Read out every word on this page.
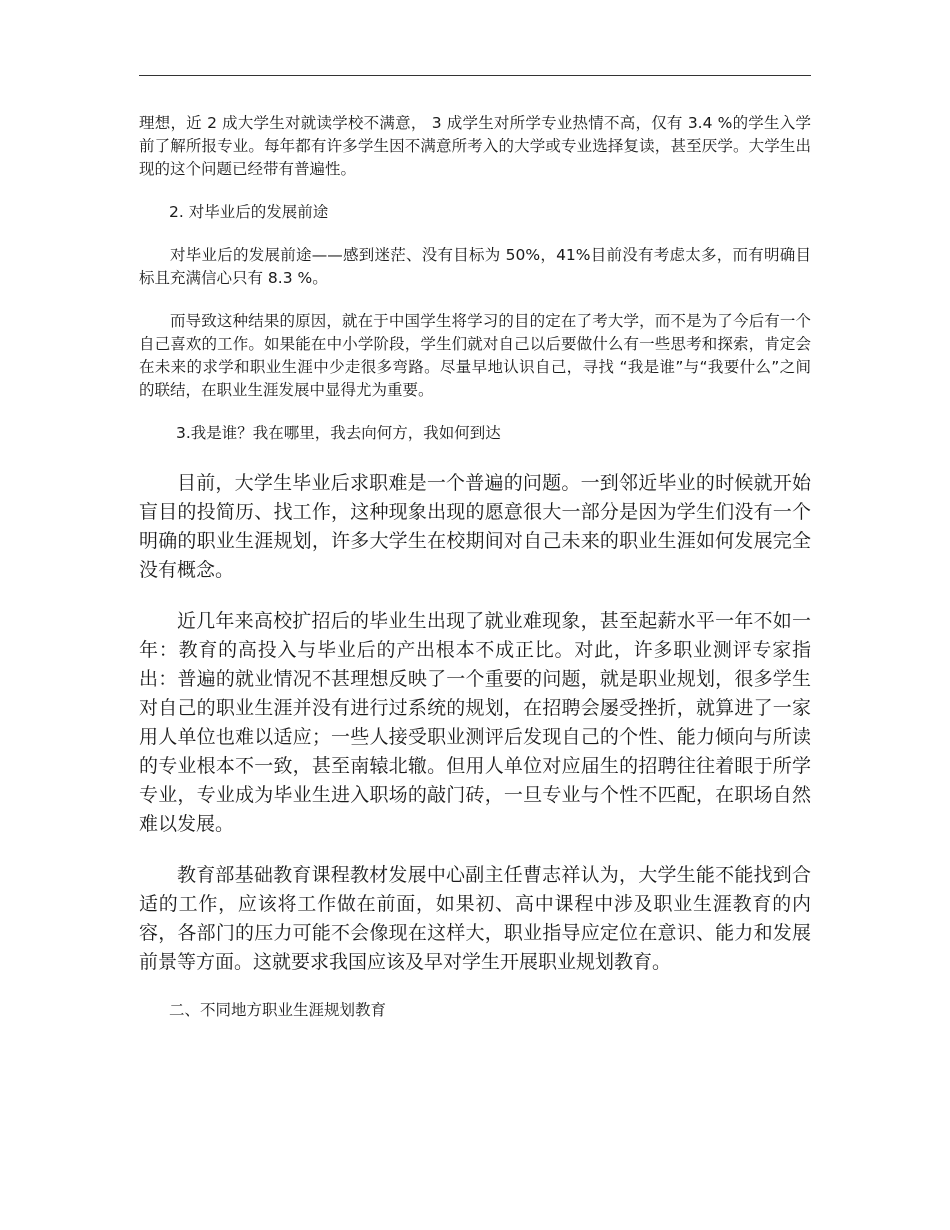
理想，近 2 成大学生对就读学校不满意， 3 成学生对所学专业热情不高，仅有 3.4 %的学生入学前了解所报专业。每年都有许多学生因不满意所考入的大学或专业选择复读，甚至厌学。大学生出现的这个问题已经带有普遍性。

2. 对毕业后的发展前途

对毕业后的发展前途——感到迷茫、没有目标为 50%，41%目前没有考虑太多，而有明确目标且充满信心只有 8.3 %。

而导致这种结果的原因，就在于中国学生将学习的目的定在了考大学，而不是为了今后有一个自己喜欢的工作。如果能在中小学阶段，学生们就对自己以后要做什么有一些思考和探索，肯定会在未来的求学和职业生涯中少走很多弯路。尽量早地认识自己，寻找 “我是谁”与“我要什么”之间的联结，在职业生涯发展中显得尤为重要。

3.我是谁？我在哪里，我去向何方，我如何到达

目前，大学生毕业后求职难是一个普遍的问题。一到邻近毕业的时候就开始盲目的投简历、找工作，这种现象出现的愿意很大一部分是因为学生们没有一个明确的职业生涯规划，许多大学生在校期间对自己未来的职业生涯如何发展完全没有概念。

近几年来高校扩招后的毕业生出现了就业难现象，甚至起薪水平一年不如一年：教育的高投入与毕业后的产出根本不成正比。对此，许多职业测评专家指出：普遍的就业情况不甚理想反映了一个重要的问题，就是职业规划，很多学生对自己的职业生涯并没有进行过系统的规划，在招聘会屡受挫折，就算进了一家用人单位也难以适应；一些人接受职业测评后发现自己的个性、能力倾向与所读的专业根本不一致，甚至南辕北辙。但用人单位对应届生的招聘往往着眼于所学专业，专业成为毕业生进入职场的敲门砖，一旦专业与个性不匹配，在职场自然难以发展。

教育部基础教育课程教材发展中心副主任曹志祥认为，大学生能不能找到合适的工作，应该将工作做在前面，如果初、高中课程中涉及职业生涯教育的内容，各部门的压力可能不会像现在这样大，职业指导应定位在意识、能力和发展前景等方面。这就要求我国应该及早对学生开展职业规划教育。

二、不同地方职业生涯规划教育
